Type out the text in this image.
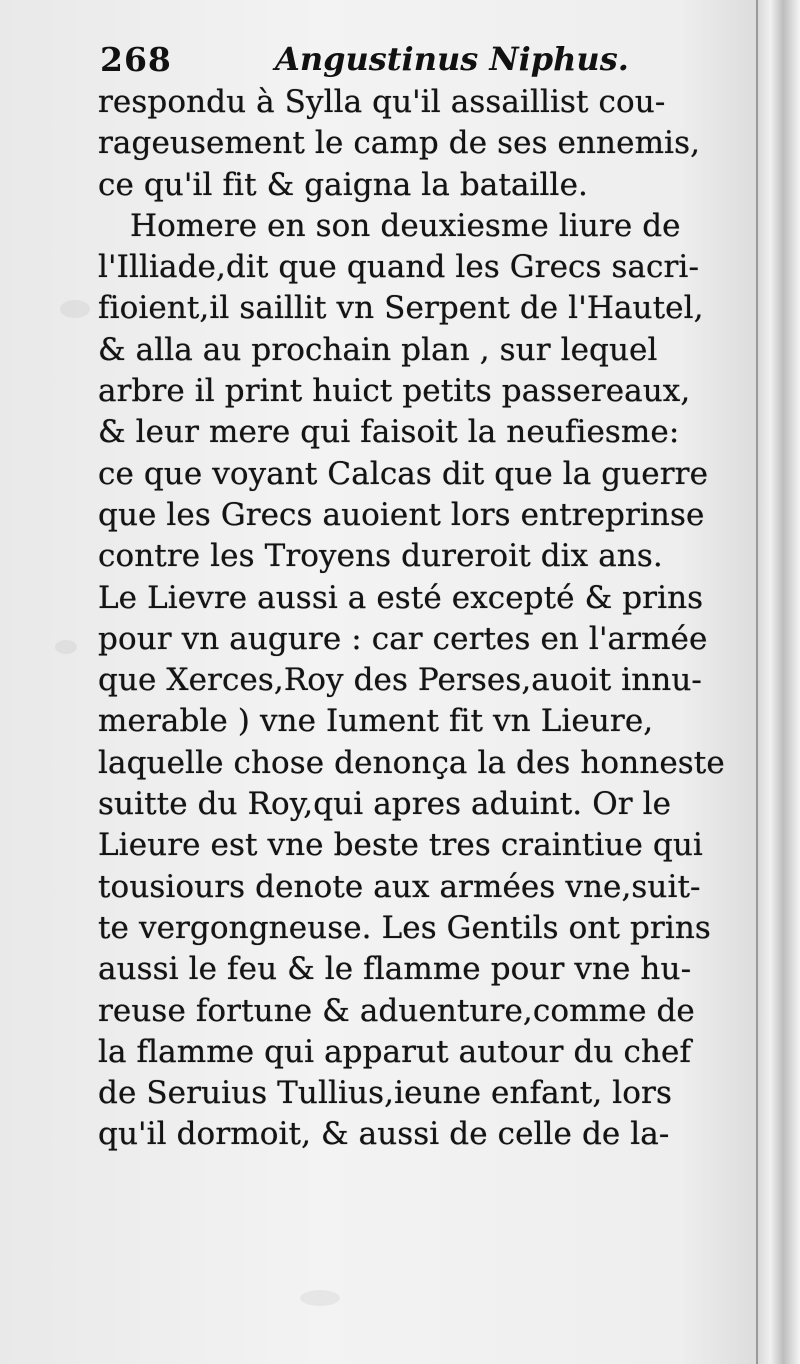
268	Angustinus Niphus.
respondu à Sylla qu'il assaillist cou-
rageusement le camp de ses ennemis,
ce qu'il fit & gaigna la bataille.
Homere en son deuxiesme liure de
l'Illiade,dit que quand les Grecs sacri-
fioient,il saillit vn Serpent de l'Hautel,
& alla au prochain plan , sur lequel
arbre il print huict petits passereaux,
& leur mere qui faisoit la neufiesme:
ce que voyant Calcas dit que la guerre
que les Grecs auoient lors entreprinse
contre les Troyens dureroit dix ans.
Le Lievre aussi a esté excepté & prins
pour vn augure : car certes en l'armée
que Xerces,Roy des Perses,auoit innu-
merable ) vne Iument fit vn Lieure,
laquelle chose denonça la des honneste
suitte du Roy,qui apres aduint. Or le
Lieure est vne beste tres craintiue qui
tousiours denote aux armées vne,suit-
te vergongneuse. Les Gentils ont prins
aussi le feu & le flamme pour vne hu-
reuse fortune & aduenture,comme de
la flamme qui apparut autour du chef
de Seruius Tullius,ieune enfant, lors
qu'il dormoit, & aussi de celle de la-
